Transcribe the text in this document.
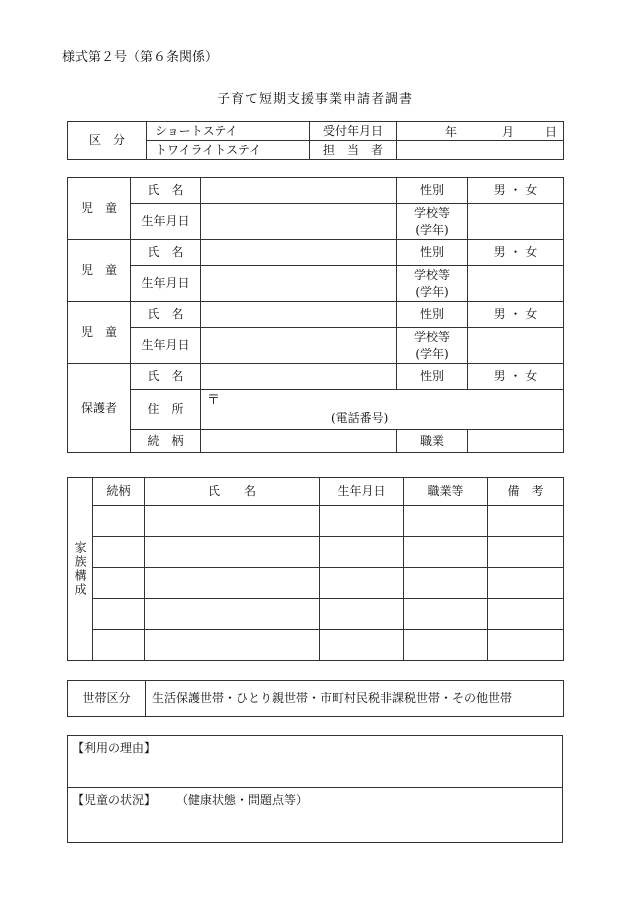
様式第２号（第６条関係）
子育て短期支援事業申請者調書
区　分	ショートステイ	受付年月日	年 月 日

	トワイライトステイ	担　当　者	
児　童	氏　名		性別	男 ・ 女
	生年月日		学校等
(学年)	

児　童	氏　名		性別	男 ・ 女
	生年月日		学校等
(学年)	

児　童	氏　名		性別	男 ・ 女
	生年月日		学校等
(学年)	

保護者	氏　名		性別	男 ・ 女
	住　所	〒
(電話番号)		

	続　柄		職業	
家族構成	続柄	氏　　名	生年月日	職業等	備　考

世帯区分	生活保護世帯・ひとり親世帯・市町村民税非課税世帯・その他世帯
【利用の理由】
【児童の状況】 （健康状態・問題点等）
